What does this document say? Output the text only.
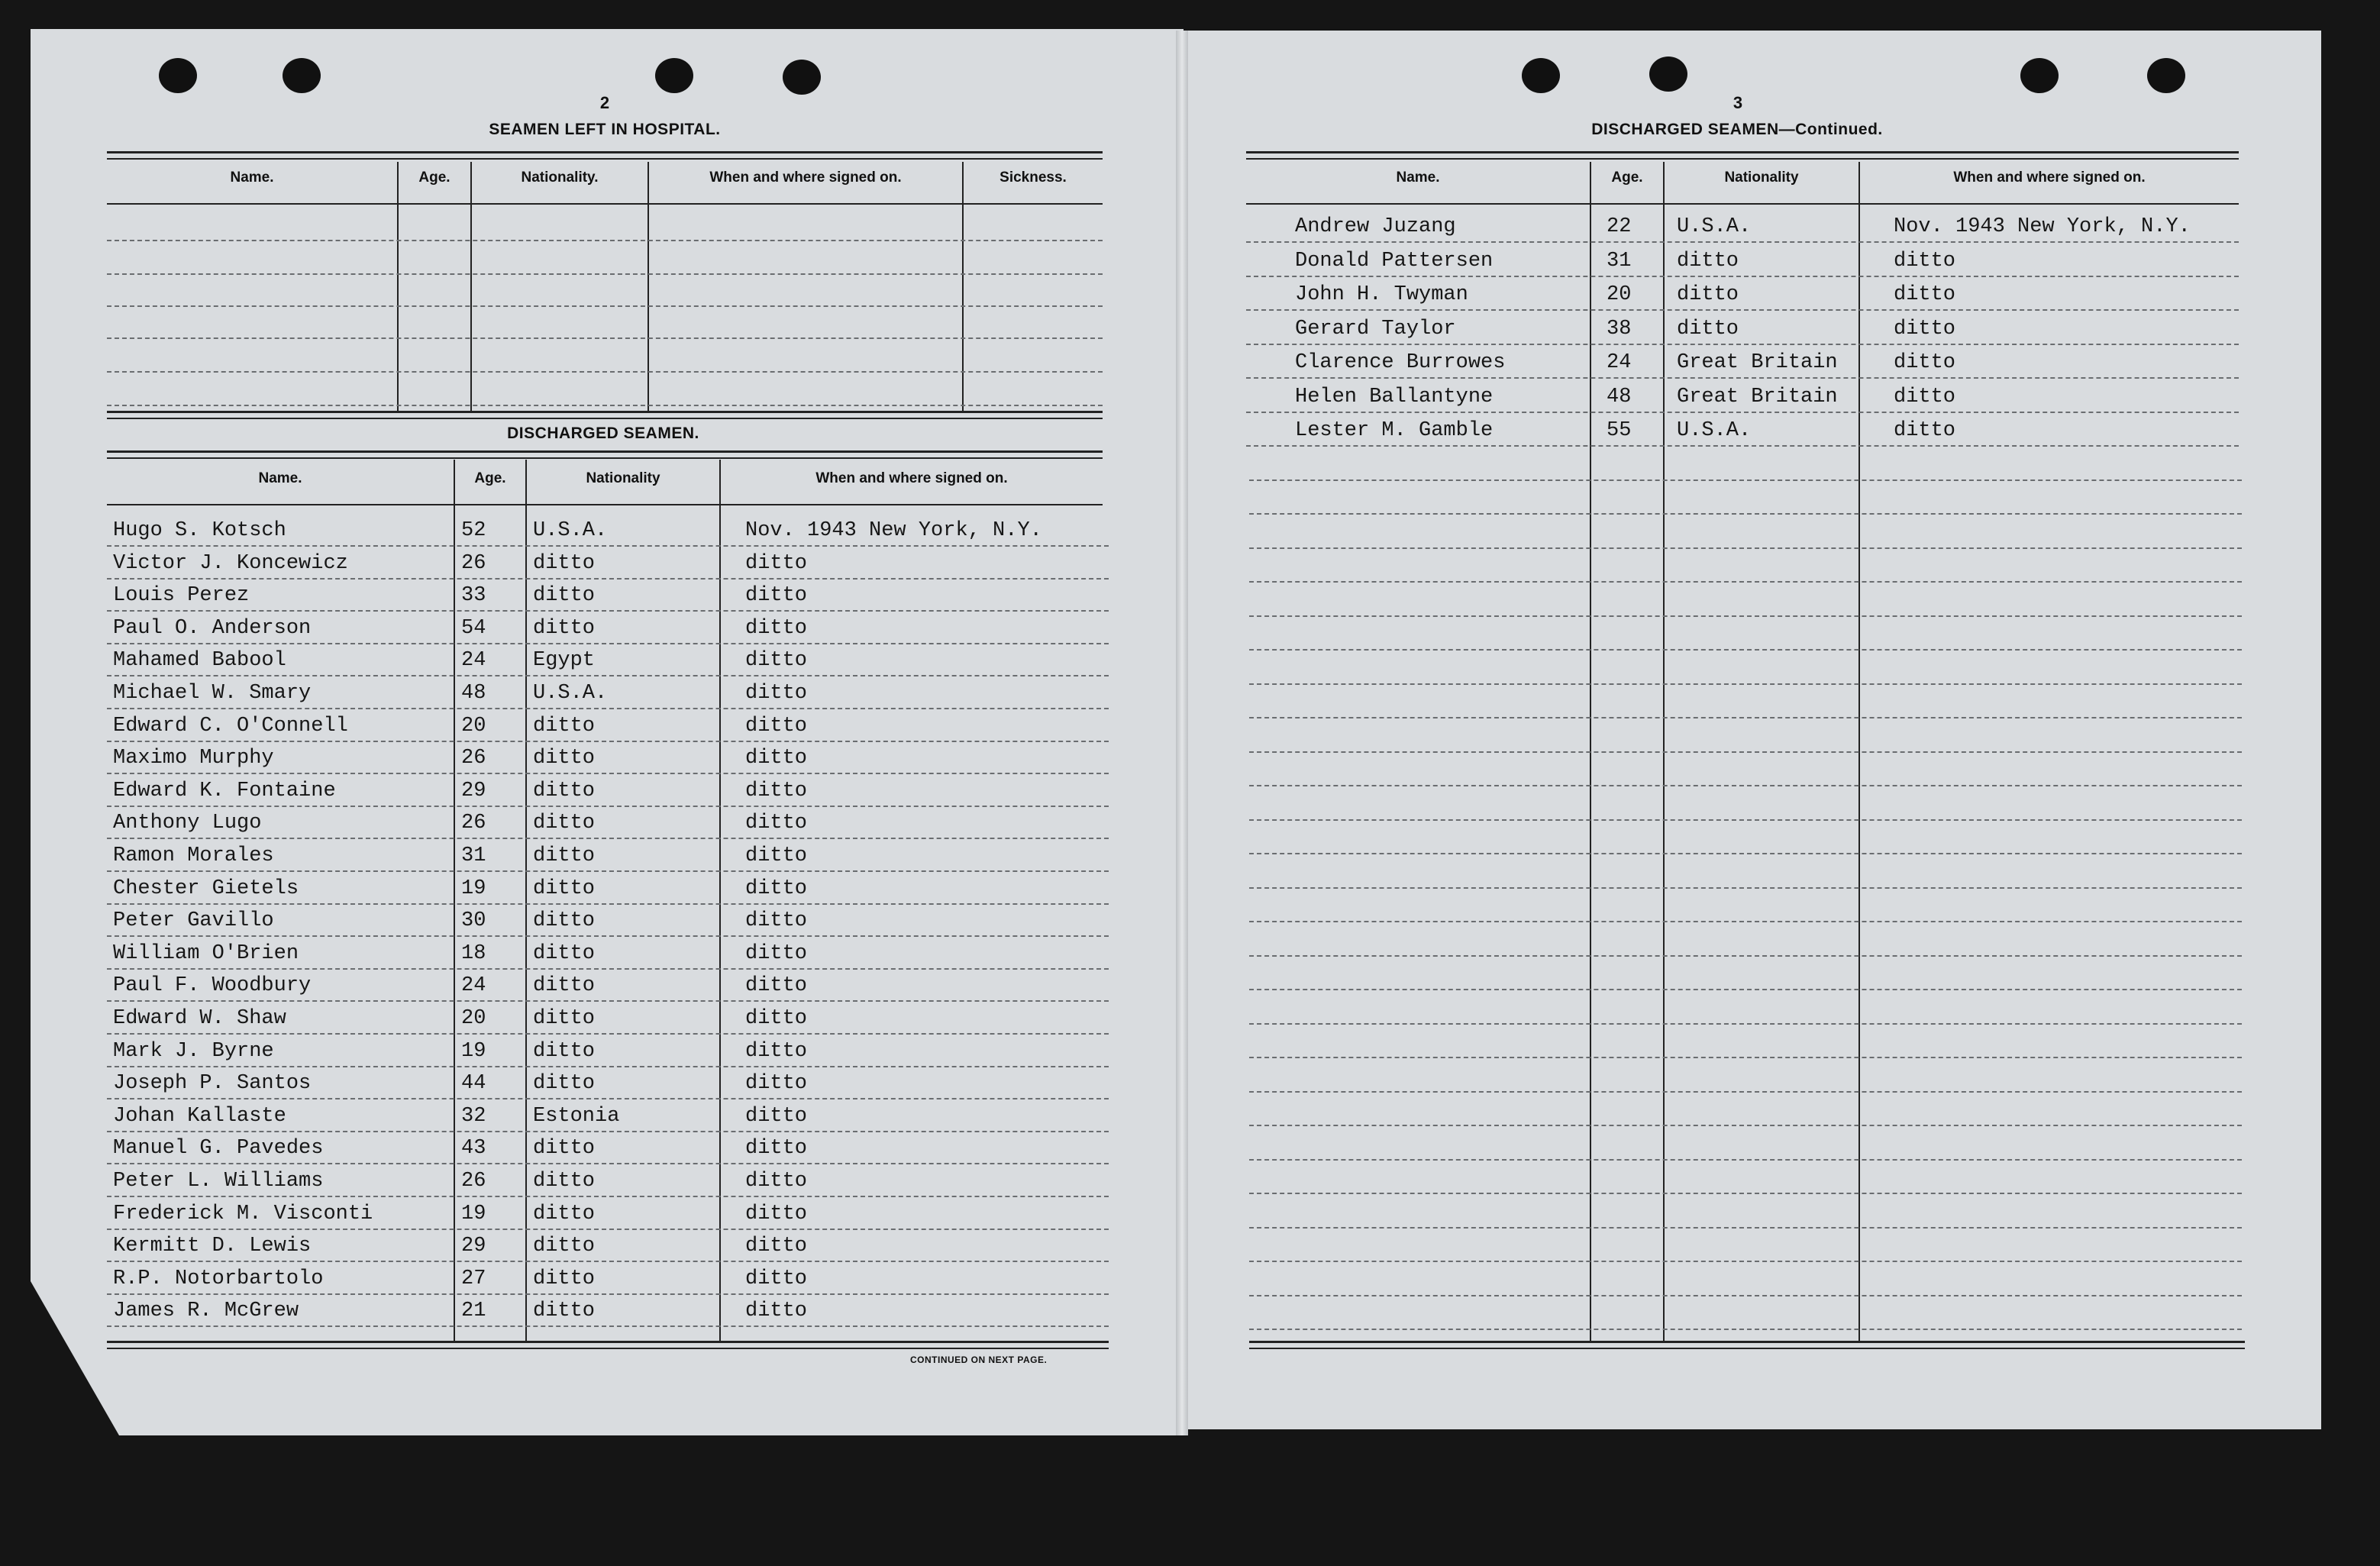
2
SEAMEN LEFT IN HOSPITAL.
Name.	Age.	Nationality.	When and where signed on.	Sickness.
DISCHARGED SEAMEN.
Name.	Age.	Nationality	When and where signed on.
Hugo S. Kotsch	52 U.S.A.	Nov. 1943 New York, N.Y.
Victor J. Koncewicz	26 ditto	ditto
Louis Perez	33 ditto	ditto
Paul O. Anderson	54 ditto	ditto
Mahamed Babool	24 Egypt	ditto
Michael W. Smary	48 U.S.A.	ditto
Edward C. O'Connell	20 ditto	ditto
Maximo Murphy	26 ditto	ditto
Edward K. Fontaine	29 ditto	ditto
Anthony Lugo	26 ditto	ditto
Ramon Morales	31 ditto	ditto
Chester Gietels	19 ditto	ditto
Peter Gavillo	30 ditto	ditto
William O'Brien	18 ditto	ditto
Paul F. Woodbury	24 ditto	ditto
Edward W. Shaw	20 ditto	ditto
Mark J. Byrne	19 ditto	ditto
Joseph P. Santos	44 ditto	ditto
Johan Kallaste	32 Estonia	ditto
Manuel G. Pavedes	43 ditto	ditto
Peter L. Williams	26 ditto	ditto
Frederick M. Visconti	19 ditto	ditto
Kermitt D. Lewis	29 ditto	ditto
R.P. Notorbartolo	27 ditto	ditto
James R. McGrew	21 ditto	ditto
CONTINUED ON NEXT PAGE.
3
DISCHARGED SEAMEN—Continued.
Name.	Age.	Nationality	When and where signed on.
Andrew Juzang	22 U.S.A.	Nov. 1943 New York, N.Y.
Donald Pattersen	31 ditto	ditto
John H. Twyman	20 ditto	ditto
Gerard Taylor	38 ditto	ditto
Clarence Burrowes	24 Great Britain	ditto
Helen Ballantyne	48 Great Britain	ditto
Lester M. Gamble	55 U.S.A.	ditto
